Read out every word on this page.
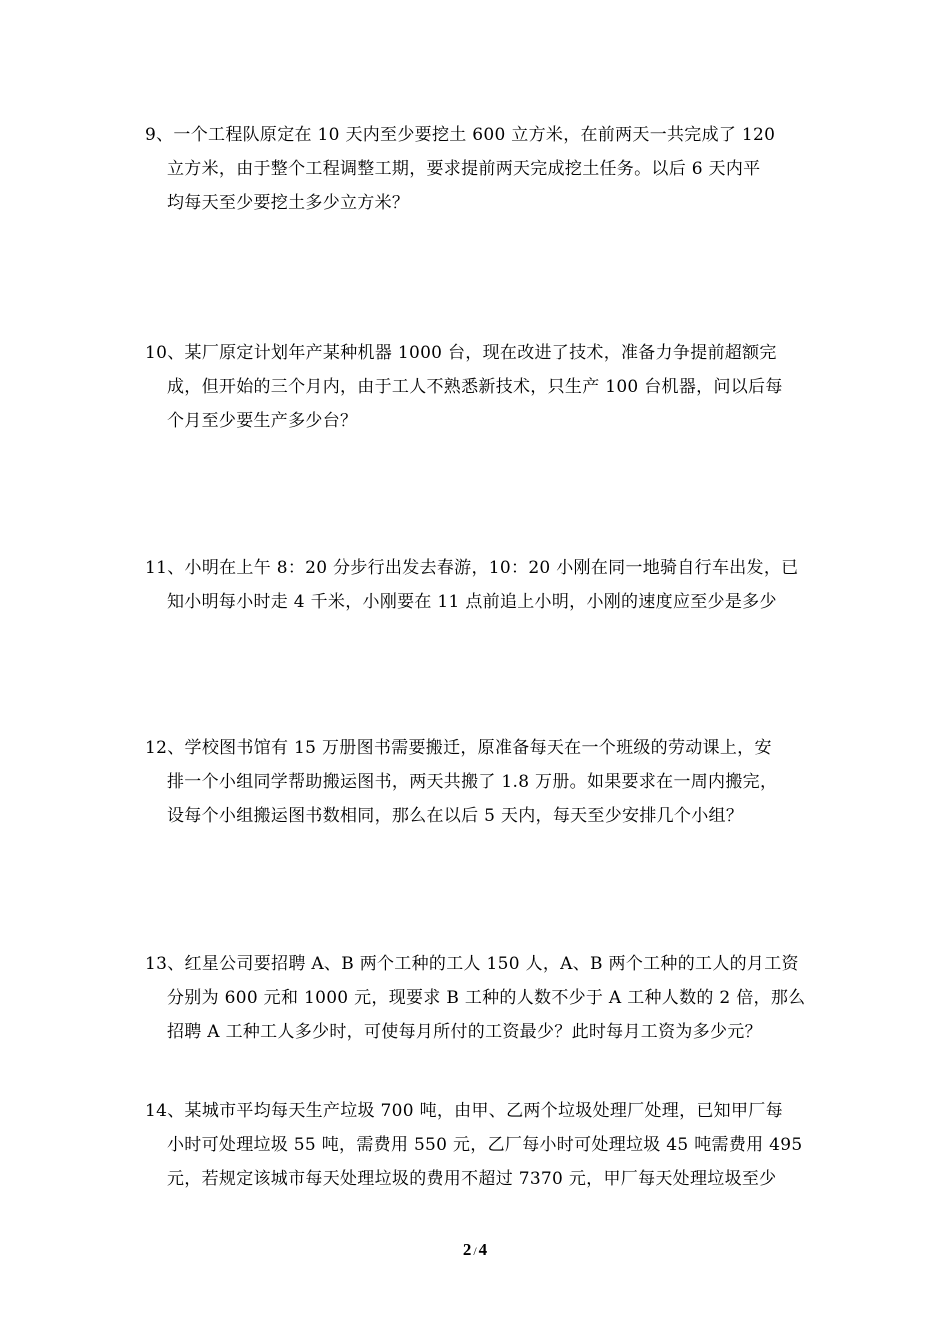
9、一个工程队原定在 10 天内至少要挖土 600 立方米，在前两天一共完成了 120
立方米，由于整个工程调整工期，要求提前两天完成挖土任务。以后 6 天内平
均每天至少要挖土多少立方米？
10、某厂原定计划年产某种机器 1000 台，现在改进了技术，准备力争提前超额完
成，但开始的三个月内，由于工人不熟悉新技术，只生产 100 台机器，问以后每
个月至少要生产多少台？
11、小明在上午 8：20 分步行出发去春游，10：20 小刚在同一地骑自行车出发，已
知小明每小时走 4 千米，小刚要在 11 点前追上小明，小刚的速度应至少是多少
12、学校图书馆有 15 万册图书需要搬迁，原准备每天在一个班级的劳动课上，安
排一个小组同学帮助搬运图书，两天共搬了 1.8 万册。如果要求在一周内搬完，
设每个小组搬运图书数相同，那么在以后 5 天内，每天至少安排几个小组？
13、红星公司要招聘 A、B 两个工种的工人 150 人，A、B 两个工种的工人的月工资
分别为 600 元和 1000 元，现要求 B 工种的人数不少于 A 工种人数的 2 倍，那么
招聘 A 工种工人多少时，可使每月所付的工资最少？此时每月工资为多少元？
14、某城市平均每天生产垃圾 700 吨，由甲、乙两个垃圾处理厂处理，已知甲厂每
小时可处理垃圾 55 吨，需费用 550 元，乙厂每小时可处理垃圾 45 吨需费用 495
元，若规定该城市每天处理垃圾的费用不超过 7370 元，甲厂每天处理垃圾至少
2 / 4
